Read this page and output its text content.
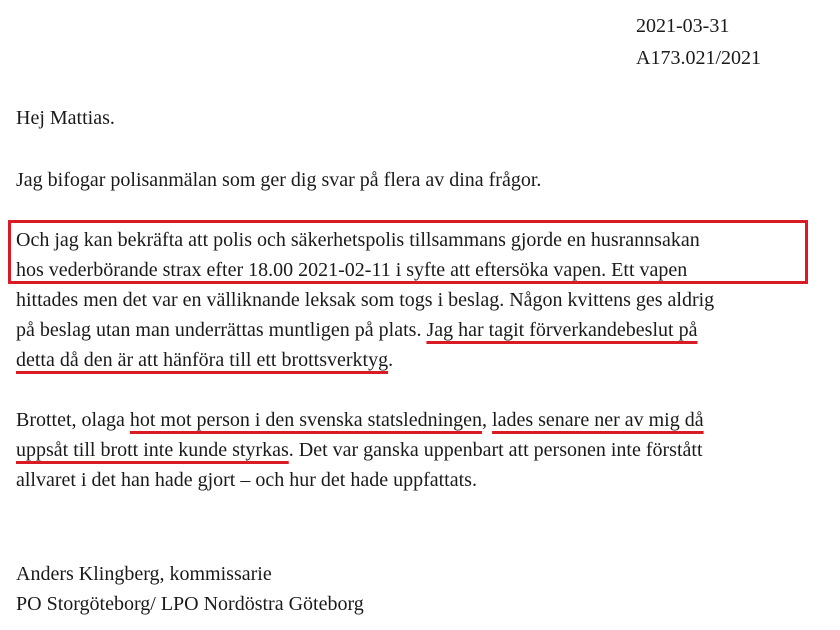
2021-03-31

A173.021/2021

Hej Mattias.

Jag bifogar polisanmälan som ger dig svar på flera av dina frågor.

Och jag kan bekräfta att polis och säkerhetspolis tillsammans gjorde en husrannsakan

hos vederbörande strax efter 18.00 2021-02-11 i syfte att eftersöka vapen. Ett vapen

hittades men det var en välliknande leksak som togs i beslag. Någon kvittens ges aldrig

på beslag utan man underrättas muntligen på plats. Jag har tagit förverkandebeslut på

detta då den är att hänföra till ett brottsverktyg.

Brottet, olaga hot mot person i den svenska statsledningen, lades senare ner av mig då

uppsåt till brott inte kunde styrkas. Det var ganska uppenbart att personen inte förstått

allvaret i det han hade gjort – och hur det hade uppfattats.

Anders Klingberg, kommissarie

PO Storgöteborg/ LPO Nordöstra Göteborg
